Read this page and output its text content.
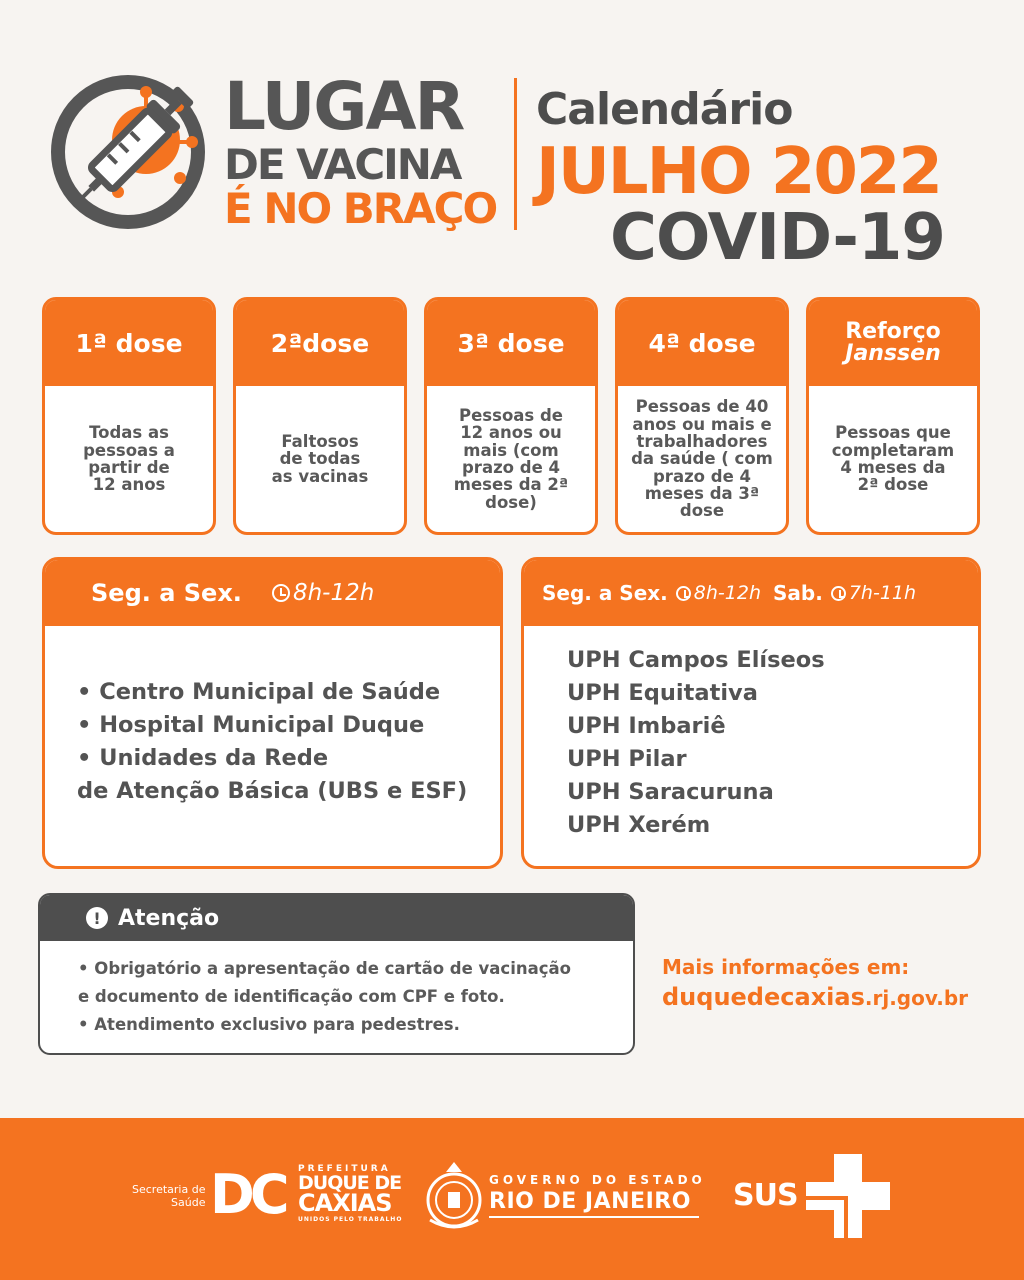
LUGAR
DE VACINA
É NO BRAÇO
Calendário
JULHO 2022
COVID-19
1ª dose
Todas as pessoas a partir de 12 anos
2ªdose
Faltosos de todas as vacinas
3ª dose
Pessoas de 12 anos ou mais (com prazo de 4 meses da 2ª dose)
4ª dose
Pessoas de 40 anos ou mais e trabalhadores da saúde ( com prazo de 4 meses da 3ª dose
Reforço
Janssen
Pessoas que completaram 4 meses da 2ª dose
Seg. a Sex. 8h-12h
• Centro Municipal de Saúde
• Hospital Municipal Duque
• Unidades da Rede
de Atenção Básica (UBS e ESF)
Seg. a Sex. 8h-12h Sab. 7h-11h
UPH Campos Elíseos
UPH Equitativa
UPH Imbariê
UPH Pilar
UPH Saracuruna
UPH Xerém
! Atenção
• Obrigatório a apresentação de cartão de vacinação
e documento de identificação com CPF e foto.
• Atendimento exclusivo para pedestres.
Mais informações em:
duquedecaxias.rj.gov.br
Secretaria de
Saúde DC PREFEITURA
DUQUE DE
CAXIAS
UNIDOS PELO TRABALHO
GOVERNO DO ESTADO
RIO DE JANEIRO	SUS
